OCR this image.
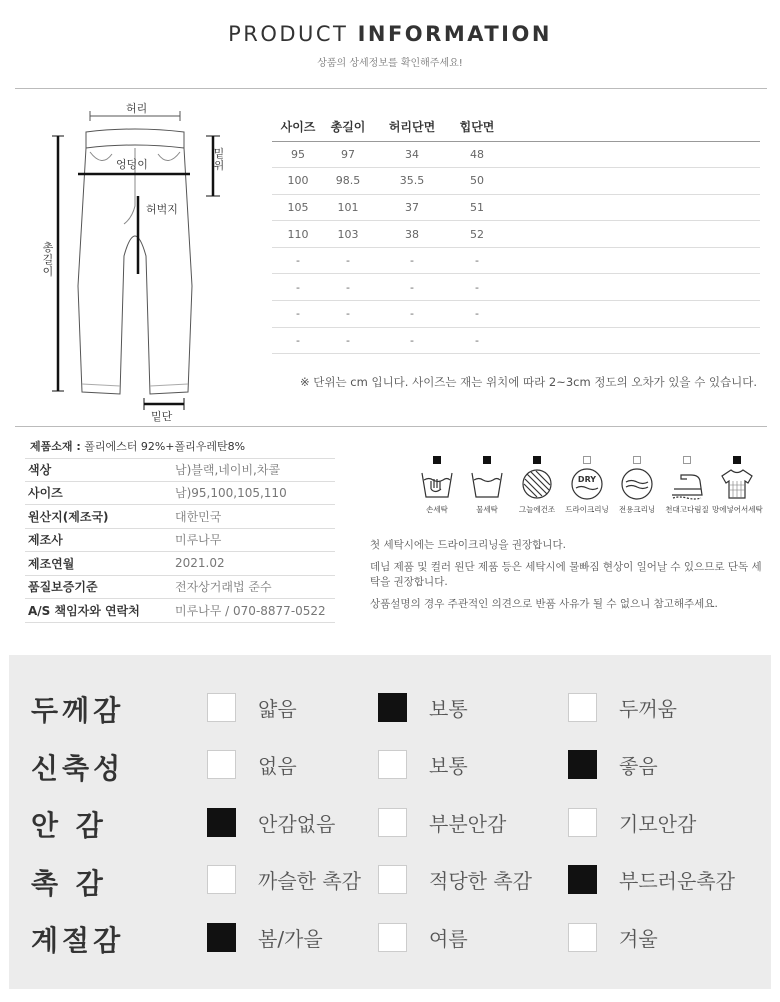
PRODUCT INFORMATION
상품의 상세정보를 확인해주세요!
허리
엉덩이
허벅지
밑위
총길이
밑단
사이즈	총길이	허리단면	힙단면	
95	97	34	48	
100	98.5	35.5	50	
105	101	37	51	
110	103	38	52	
-	-	-	-	
-	-	-	-	
-	-	-	-	
-	-	-	-	
※ 단위는 cm 입니다. 사이즈는 재는 위치에 따라 2~3cm 정도의 오차가 있을 수 있습니다.
제품소재 : 폴리에스터 92%+폴리우레탄8%
색상	남)블랙,네이비,차콜
사이즈	남)95,100,105,110
원산지(제조국)	대한민국
제조사	미루나무
제조연월	2021.02
품질보증기준	전자상거래법 준수
A/S 책임자와 연락처	미루나무 / 070-8877-0522
손세탁	물세탁	그늘에건조
DRY
드라이크리닝	전용크리닝	천대고다림질 망에넣어서세탁

첫 세탁시에는 드라이크리닝을 권장합니다.

데님 제품 및 컬러 원단 제품 등은 세탁시에 물빠짐 현상이 일어날 수 있으므로 단독 세탁을 권장합니다.

상품설명의 경우 주관적인 의견으로 반품 사유가 될 수 없으니 참고해주세요.

두께감	얇음	보통	두꺼움
신축성	없음	보통	좋음
안 감	안감없음	부분안감	기모안감
촉 감	까슬한 촉감	적당한 촉감	부드러운촉감
계절감	봄/가을	여름	겨울
